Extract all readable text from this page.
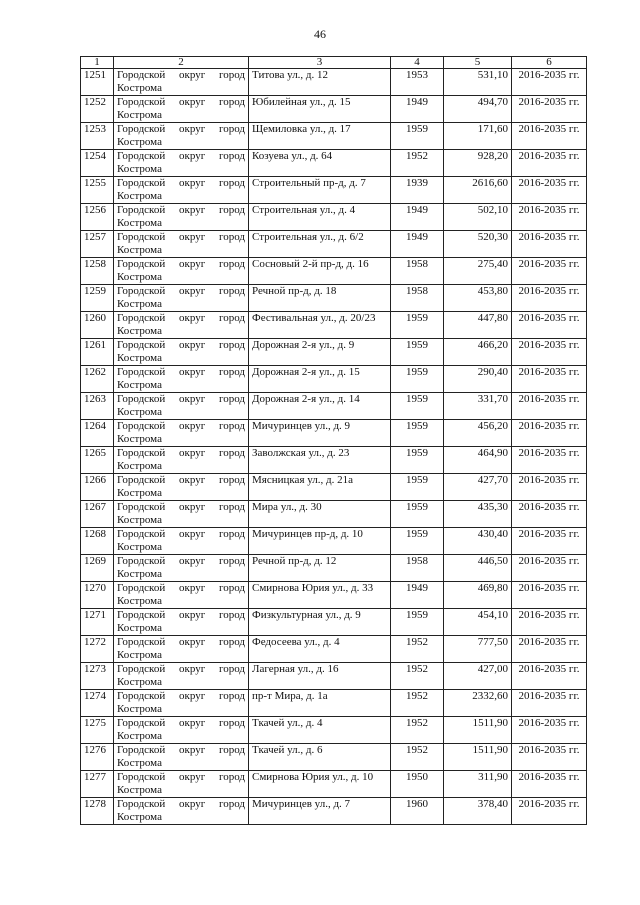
46
1	2	3	4	5	6
1251	Городской округ город Кострома	Титова ул., д. 12	1953	531,10	2016-2035 гг.
1252	Городской округ город Кострома	Юбилейная ул., д. 15	1949	494,70	2016-2035 гг.
1253	Городской округ город Кострома	Щемиловка ул., д. 17	1959	171,60	2016-2035 гг.
1254	Городской округ город Кострома	Козуева ул., д. 64	1952	928,20	2016-2035 гг.
1255	Городской округ город Кострома	Строительный пр-д, д. 7	1939	2616,60	2016-2035 гг.
1256	Городской округ город Кострома	Строительная ул., д. 4	1949	502,10	2016-2035 гг.
1257	Городской округ город Кострома	Строительная ул., д. 6/2	1949	520,30	2016-2035 гг.
1258	Городской округ город Кострома	Сосновый 2-й пр-д, д. 16	1958	275,40	2016-2035 гг.
1259	Городской округ город Кострома	Речной пр-д, д. 18	1958	453,80	2016-2035 гг.
1260	Городской округ город Кострома	Фестивальная ул., д. 20/23	1959	447,80	2016-2035 гг.
1261	Городской округ город Кострома	Дорожная 2-я ул., д. 9	1959	466,20	2016-2035 гг.
1262	Городской округ город Кострома	Дорожная 2-я ул., д. 15	1959	290,40	2016-2035 гг.
1263	Городской округ город Кострома	Дорожная 2-я ул., д. 14	1959	331,70	2016-2035 гг.
1264	Городской округ город Кострома	Мичуринцев ул., д. 9	1959	456,20	2016-2035 гг.
1265	Городской округ город Кострома	Заволжская ул., д. 23	1959	464,90	2016-2035 гг.
1266	Городской округ город Кострома	Мясницкая ул., д. 21а	1959	427,70	2016-2035 гг.
1267	Городской округ город Кострома	Мира ул., д. 30	1959	435,30	2016-2035 гг.
1268	Городской округ город Кострома	Мичуринцев пр-д, д. 10	1959	430,40	2016-2035 гг.
1269	Городской округ город Кострома	Речной пр-д, д. 12	1958	446,50	2016-2035 гг.
1270	Городской округ город Кострома	Смирнова Юрия ул., д. 33	1949	469,80	2016-2035 гг.
1271	Городской округ город Кострома	Физкультурная ул., д. 9	1959	454,10	2016-2035 гг.
1272	Городской округ город Кострома	Федосеева ул., д. 4	1952	777,50	2016-2035 гг.
1273	Городской округ город Кострома	Лагерная ул., д. 16	1952	427,00	2016-2035 гг.
1274	Городской округ город Кострома	пр-т Мира, д. 1а	1952	2332,60	2016-2035 гг.
1275	Городской округ город Кострома	Ткачей ул., д. 4	1952	1511,90	2016-2035 гг.
1276	Городской округ город Кострома	Ткачей ул., д. 6	1952	1511,90	2016-2035 гг.
1277	Городской округ город Кострома	Смирнова Юрия ул., д. 10	1950	311,90	2016-2035 гг.
1278	Городской округ город Кострома	Мичуринцев ул., д. 7	1960	378,40	2016-2035 гг.
